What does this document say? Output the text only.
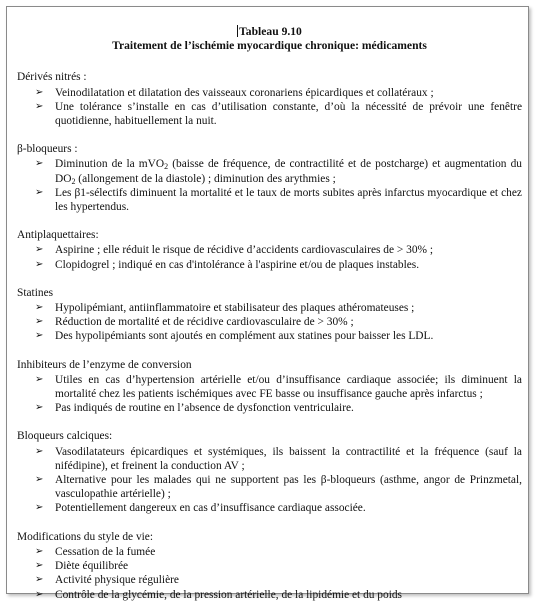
Tableau 9.10
Traitement de l’ischémie myocardique chronique: médicaments
Dérivés nitrés :
➢ Veinodilatation et dilatation des vaisseaux coronariens épicardiques et collatéraux ;
➢ Une tolérance s’installe en cas d’utilisation constante, d’où la nécessité de prévoir une fenêtre quotidienne, habituellement la nuit.
β-bloqueurs :
➢ Diminution de la mVO$_2$ (baisse de fréquence, de contractilité et de postcharge) et augmentation du $DO_2$ (allongement de la diastole) ; diminution des arythmies ;
➢ Les β1-sélectifs diminuent la mortalité et le taux de morts subites après infarctus myocardique et chez les hypertendus.
Antiplaquettaires:
➢ Aspirine ; elle réduit le risque de récidive d’accidents cardiovasculaires de > 30% ;
➢ Clopidogrel ; indiqué en cas d'intolérance à l'aspirine et/ou de plaques instables.
Statines
➢ Hypolipémiant, antiinflammatoire et stabilisateur des plaques athéromateuses ;
➢ Réduction de mortalité et de récidive cardiovasculaire de > 30% ;
➢ Des hypolipémiants sont ajoutés en complément aux statines pour baisser les LDL.
Inhibiteurs de l’enzyme de conversion
➢ Utiles en cas d’hypertension artérielle et/ou d’insuffisance cardiaque associée; ils diminuent la mortalité chez les patients ischémiques avec FE basse ou insuffisance gauche après infarctus ;
➢ Pas indiqués de routine en l’absence de dysfonction ventriculaire.
Bloqueurs calciques:
➢ Vasodilatateurs épicardiques et systémiques, ils baissent la contractilité et la fréquence (sauf la nifédipine), et freinent la conduction AV ;
➢ Alternative pour les malades qui ne supportent pas les β-bloqueurs (asthme, angor de Prinzmetal, vasculopathie artérielle) ;
➢ Potentiellement dangereux en cas d’insuffisance cardiaque associée.
Modifications du style de vie:
➢ Cessation de la fumée
➢ Diète équilibrée
➢ Activité physique régulière
➢ Contrôle de la glycémie, de la pression artérielle, de la lipidémie et du poids
